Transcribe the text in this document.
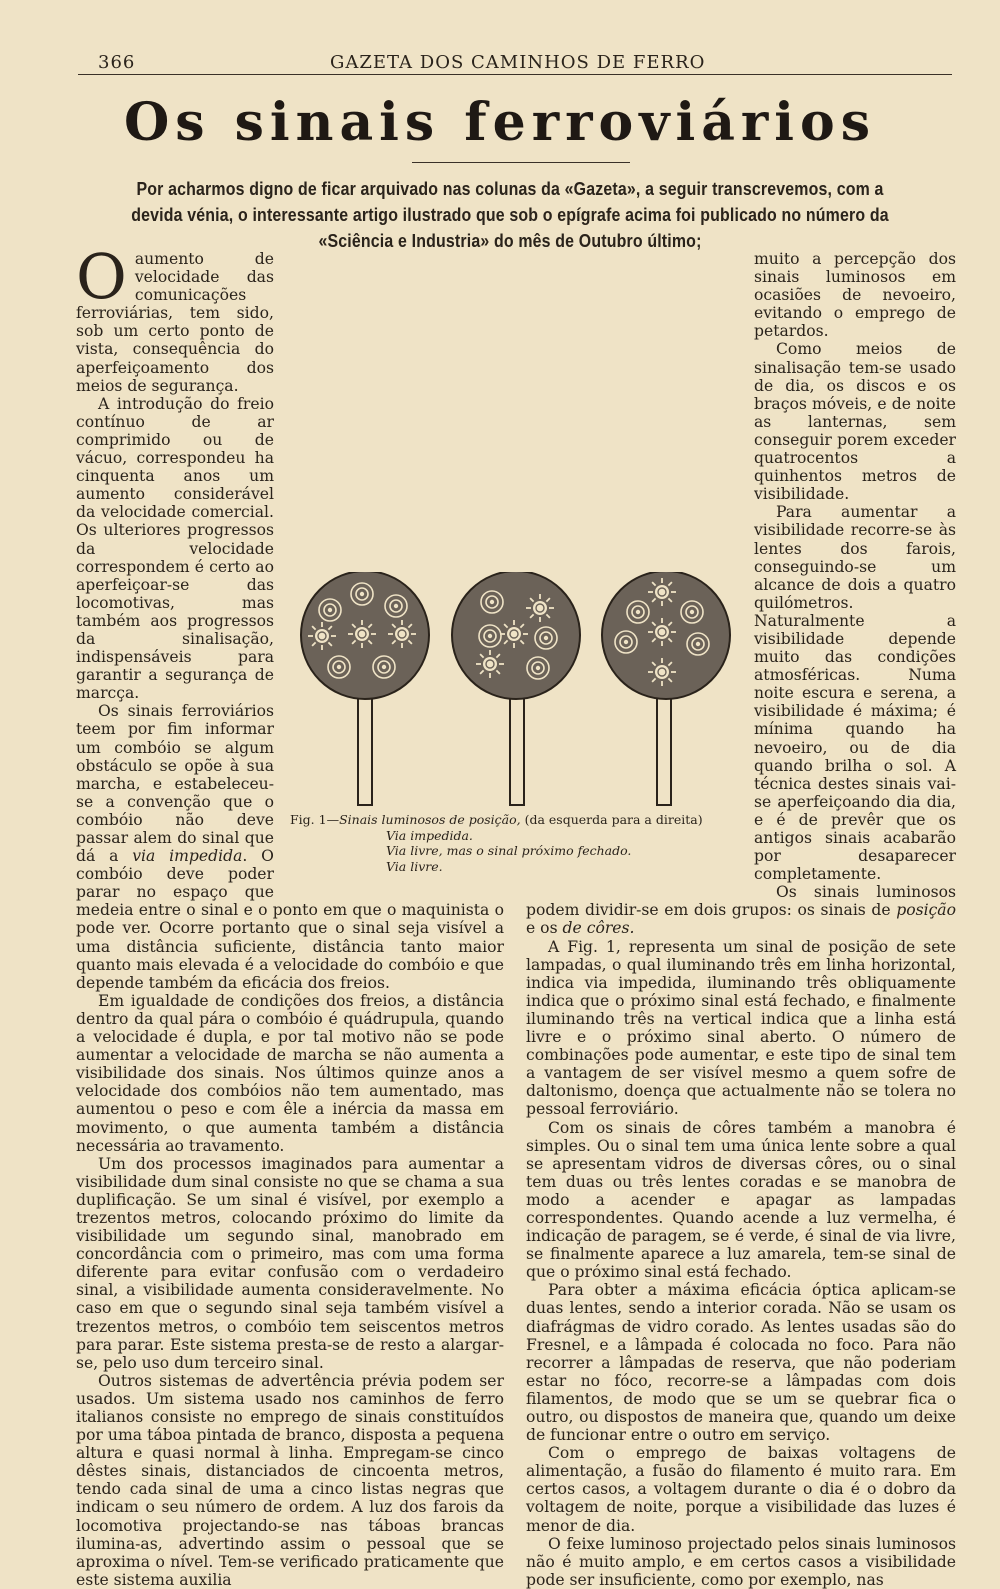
366	GAZETA DOS CAMINHOS DE FERRO
Os sinais ferroviários
Por acharmos digno de ficar arquivado nas colunas da «Gazeta», a seguir transcrevemos, com a devida vénia, o interessante artigo ilustrado que sob o epígrafe acima foi publicado no número da «Sciência e Industria» do mês de Outubro último;

Oaumento de velocidade das comunicações ferroviárias, tem sido, sob um certo ponto de vista, consequência do aperfeiçoamento dos meios de segurança.

A introdução do freio contínuo de ar comprimido ou de vácuo, correspondeu ha cinquenta anos um aumento considerável da velocidade comercial. Os ulteriores progressos da velocidade correspondem é certo ao aperfeiçoar-se das locomotivas, mas também aos progressos da sinalisação, indispensáveis para garantir a segurança de marcça.

Os sinais ferroviários teem por fim informar um combóio se algum obstáculo se opõe à sua marcha, e estabeleceu-se a convenção que o combóio não deve passar alem do sinal que dá a via impedida. O combóio deve poder parar no espaço que medeia entre o sinal e o ponto em que o maquinista o pode ver. Ocorre portanto que o sinal seja visível a uma distância suficiente, distância tanto maior quanto mais elevada é a velocidade do combóio e que depende também da eficácia dos freios.

Em igualdade de condições dos freios, a distância dentro da qual pára o combóio é quádrupula, quando a velocidade é dupla, e por tal motivo não se pode aumentar a velocidade de marcha se não aumenta a visibilidade dos sinais. Nos últimos quinze anos a velocidade dos combóios não tem aumentado, mas aumentou o peso e com êle a inércia da massa em movimento, o que aumenta também a distância necessária ao travamento.

Um dos processos imaginados para aumentar a visibilidade dum sinal consiste no que se chama a sua duplificação. Se um sinal é visível, por exemplo a trezentos metros, colocando próximo do limite da visibilidade um segundo sinal, manobrado em concordância com o primeiro, mas com uma forma diferente para evitar confusão com o verdadeiro sinal, a visibilidade aumenta consideravelmente. No caso em que o segundo sinal seja também visível a trezentos metros, o combóio tem seiscentos metros para parar. Este sistema presta-se de resto a alargar-se, pelo uso dum terceiro sinal.

Outros sistemas de advertência prévia podem ser usados. Um sistema usado nos caminhos de ferro italianos consiste no emprego de sinais constituídos por uma táboa pintada de branco, disposta a pequena altura e quasi normal à linha. Empregam-se cinco dêstes sinais, distanciados de cincoenta metros, tendo cada sinal de uma a cinco listas negras que indicam o seu número de ordem. A luz dos farois da locomotiva projectando-se nas táboas brancas ilumina-as, advertindo assim o pessoal que se aproxima o nível. Tem-se verificado praticamente que este sistema auxilia

muito a percepção dos sinais luminosos em ocasiões de nevoeiro, evitando o emprego de petardos.

Como meios de sinalisação tem-se usado de dia, os discos e os braços móveis, e de noite as lanternas, sem conseguir porem exceder quatrocentos a quinhentos metros de visibilidade.

Para aumentar a visibilidade recorre-se às lentes dos farois, conseguindo-se um alcance de dois a quatro quilómetros. Naturalmente a visibilidade depende muito das condições atmosféricas. Numa noite escura e serena, a visibilidade é máxima; é mínima quando ha nevoeiro, ou de dia quando brilha o sol. A técnica destes sinais vai-se aperfeiçoando dia dia, e é de prevêr que os antigos sinais acabarão por desaparecer completamente.

Os sinais luminosos podem dividir-se em dois grupos: os sinais de posição e os de côres.

A Fig. 1, representa um sinal de posição de sete lampadas, o qual iluminando três em linha horizontal, indica via impedida, iluminando três obliquamente indica que o próximo sinal está fechado, e finalmente iluminando três na vertical indica que a linha está livre e o próximo sinal aberto. O número de combinações pode aumentar, e este tipo de sinal tem a vantagem de ser visível mesmo a quem sofre de daltonismo, doença que actualmente não se tolera no pessoal ferroviário.

Com os sinais de côres também a manobra é simples. Ou o sinal tem uma única lente sobre a qual se apresentam vidros de diversas côres, ou o sinal tem duas ou três lentes coradas e se manobra de modo a acender e apagar as lampadas correspondentes. Quando acende a luz vermelha, é indicação de paragem, se é verde, é sinal de via livre, se finalmente aparece a luz amarela, tem-se sinal de que o próximo sinal está fechado.

Para obter a máxima eficácia óptica aplicam-se duas lentes, sendo a interior corada. Não se usam os diafrágmas de vidro corado. As lentes usadas são do Fresnel, e a lâmpada é colocada no foco. Para não recorrer a lâmpadas de reserva, que não poderiam estar no fóco, recorre-se a lâmpadas com dois filamentos, de modo que se um se quebrar fica o outro, ou dispostos de maneira que, quando um deixe de funcionar entre o outro em serviço.

Com o emprego de baixas voltagens de alimentação, a fusão do filamento é muito rara. Em certos casos, a voltagem durante o dia é o dobro da voltagem de noite, porque a visibilidade das luzes é menor de dia.

O feixe luminoso projectado pelos sinais luminosos não é muito amplo, e em certos casos a visibilidade pode ser insuficiente, como por exemplo, nas

Fig. 1—Sinais luminosos de posição, (da esquerda para a direita)
Via impedida.
Via livre, mas o sinal próximo fechado.
Via livre.
